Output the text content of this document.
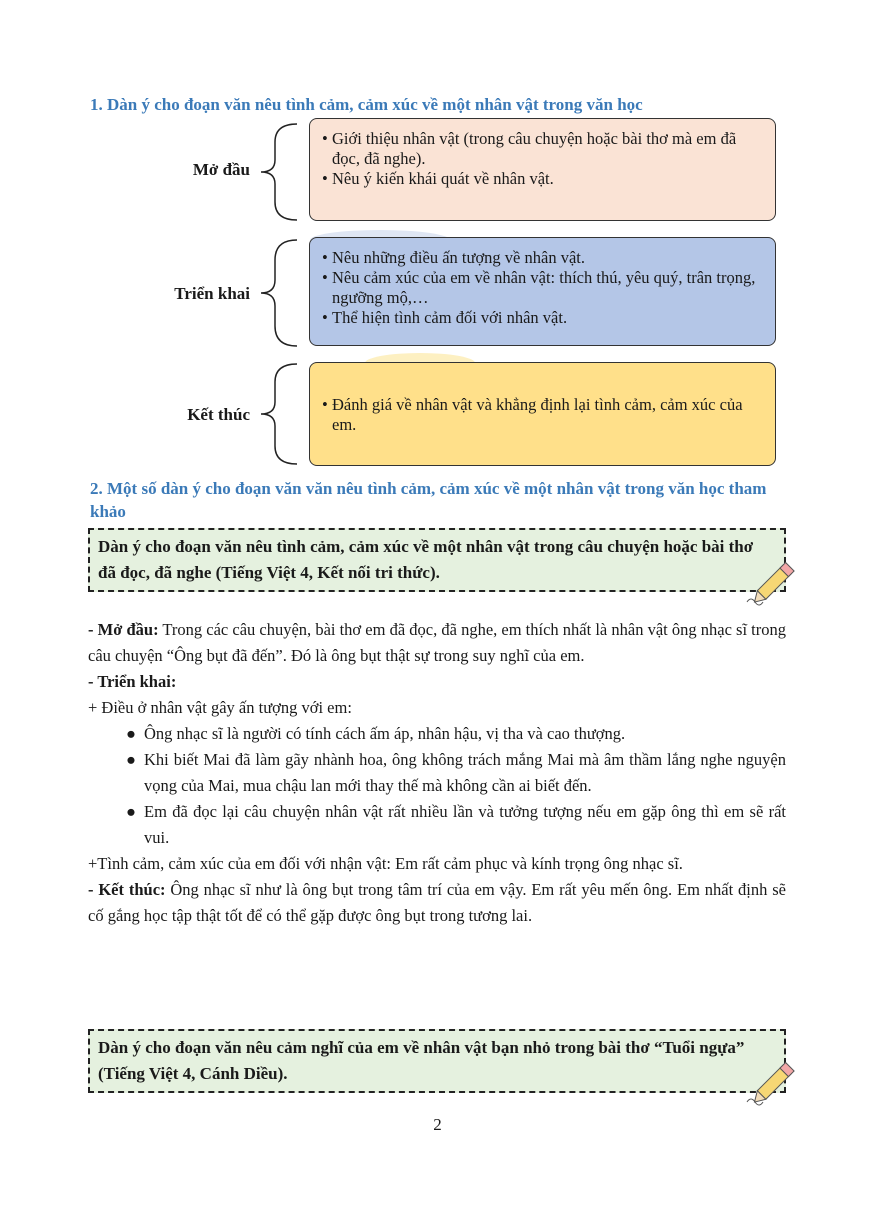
1. Dàn ý cho đoạn văn nêu tình cảm, cảm xúc về một nhân vật trong văn học
Mở đầu
• Giới thiệu nhân vật (trong câu chuyện hoặc bài thơ mà em đã đọc, đã nghe).
• Nêu ý kiến khái quát về nhân vật.
Triển khai
• Nêu những điều ấn tượng về nhân vật.
• Nêu cảm xúc của em về nhân vật: thích thú, yêu quý, trân trọng, ngưỡng mộ,…
• Thể hiện tình cảm đối với nhân vật.
Kết thúc
• Đánh giá về nhân vật và khẳng định lại tình cảm, cảm xúc của em.
2. Một số dàn ý cho đoạn văn văn nêu tình cảm, cảm xúc về một nhân vật trong văn học tham khảo
Dàn ý cho đoạn văn nêu tình cảm, cảm xúc về một nhân vật trong câu chuyện hoặc bài thơ đã đọc, đã nghe (Tiếng Việt 4, Kết nối tri thức).
- Mở đầu: Trong các câu chuyện, bài thơ em đã đọc, đã nghe, em thích nhất là nhân vật ông nhạc sĩ trong câu chuyện “Ông bụt đã đến”. Đó là ông bụt thật sự trong suy nghĩ của em.
- Triển khai:
+ Điều ở nhân vật gây ấn tượng với em:
● Ông nhạc sĩ là người có tính cách ấm áp, nhân hậu, vị tha và cao thượng.
● Khi biết Mai đã làm gãy nhành hoa, ông không trách mắng Mai mà âm thầm lắng nghe nguyện vọng của Mai, mua chậu lan mới thay thế mà không cần ai biết đến.
● Em đã đọc lại câu chuyện nhân vật rất nhiều lần và tưởng tượng nếu em gặp ông thì em sẽ rất vui.
+Tình cảm, cảm xúc của em đối với nhận vật: Em rất cảm phục và kính trọng ông nhạc sĩ.
- Kết thúc: Ông nhạc sĩ như là ông bụt trong tâm trí của em vậy. Em rất yêu mến ông. Em nhất định sẽ cố gắng học tập thật tốt để có thể gặp được ông bụt trong tương lai.
Dàn ý cho đoạn văn nêu cảm nghĩ của em về nhân vật bạn nhỏ trong bài thơ “Tuổi ngựa” (Tiếng Việt 4, Cánh Diều).
2
